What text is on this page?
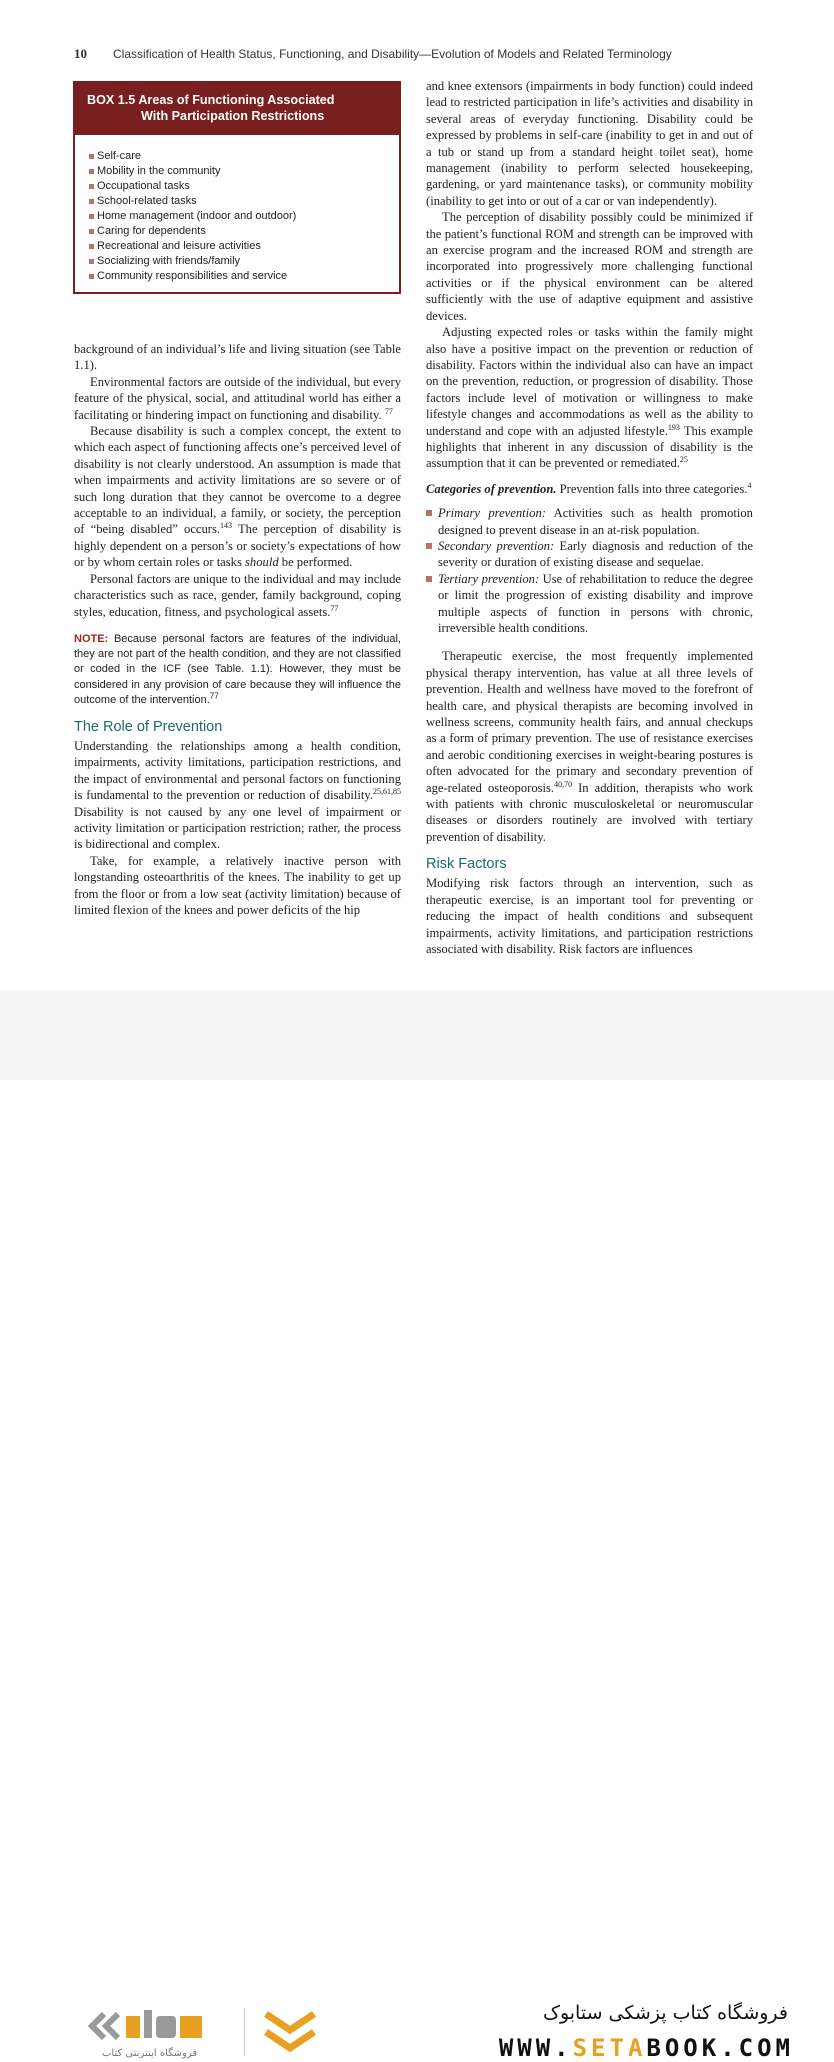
10 Classification of Health Status, Functioning, and Disability—Evolution of Models and Related Terminology
BOX 1.5 Areas of Functioning Associated
With Participation Restrictions
Self-care
Mobility in the community
Occupational tasks
School-related tasks
Home management (indoor and outdoor)
Caring for dependents
Recreational and leisure activities
Socializing with friends/family
Community responsibilities and service

background of an individual’s life and living situation (see Table 1.1).

Environmental factors are outside of the individual, but every feature of the physical, social, and attitudinal world has either a facilitating or hindering impact on functioning and disability. $^{77}$

Because disability is such a complex concept, the extent to which each aspect of functioning affects one’s perceived level of disability is not clearly understood. An assumption is made that when impairments and activity limitations are so severe or of such long duration that they cannot be overcome to a degree acceptable to an individual, a family, or society, the perception of “being disabled” occurs.$^{143}$ The perception of disability is highly dependent on a person’s or society’s expectations of how or by whom certain roles or tasks should be performed.

Personal factors are unique to the individual and may include characteristics such as race, gender, family background, coping styles, education, fitness, and psychological assets.$^{77}$

NOTE: Because personal factors are features of the individual, they are not part of the health condition, and they are not classified or coded in the ICF (see Table. 1.1). However, they must be considered in any provision of care because they will influence the outcome of the intervention.$^{77}$

The Role of Prevention

Understanding the relationships among a health condition, impairments, activity limitations, participation restrictions, and the impact of environmental and personal factors on functioning is fundamental to the prevention or reduction of disability.$^{25,61,85}$ Disability is not caused by any one level of impairment or activity limitation or participation restriction; rather, the process is bidirectional and complex.

Take, for example, a relatively inactive person with longstanding osteoarthritis of the knees. The inability to get up from the floor or from a low seat (activity limitation) because of limited flexion of the knees and power deficits of the hip

and knee extensors (impairments in body function) could indeed lead to restricted participation in life’s activities and disability in several areas of everyday functioning. Disability could be expressed by problems in self-care (inability to get in and out of a tub or stand up from a standard height toilet seat), home management (inability to perform selected housekeeping, gardening, or yard maintenance tasks), or community mobility (inability to get into or out of a car or van independently).

The perception of disability possibly could be minimized if the patient’s functional ROM and strength can be improved with an exercise program and the increased ROM and strength are incorporated into progressively more challenging functional activities or if the physical environment can be altered sufficiently with the use of adaptive equipment and assistive devices.

Adjusting expected roles or tasks within the family might also have a positive impact on the prevention or reduction of disability. Factors within the individual also can have an impact on the prevention, reduction, or progression of disability. Those factors include level of motivation or willingness to make lifestyle changes and accommodations as well as the ability to understand and cope with an adjusted lifestyle.$^{193}$ This example highlights that inherent in any discussion of disability is the assumption that it can be prevented or remediated.$^{25}$

Categories of prevention. Prevention falls into three categories.$^4$

Primary prevention: Activities such as health promotion designed to prevent disease in an at-risk population.
Secondary prevention: Early diagnosis and reduction of the severity or duration of existing disease and sequelae.
Tertiary prevention: Use of rehabilitation to reduce the degree or limit the progression of existing disability and improve multiple aspects of function in persons with chronic, irreversible health conditions.

Therapeutic exercise, the most frequently implemented physical therapy intervention, has value at all three levels of prevention. Health and wellness have moved to the forefront of health care, and physical therapists are becoming involved in wellness screens, community health fairs, and annual checkups as a form of primary prevention. The use of resistance exercises and aerobic conditioning exercises in weight-bearing postures is often advocated for the primary and secondary prevention of age-related osteoporosis.$^{40,70}$ In addition, therapists who work with patients with chronic musculoskeletal or neuromuscular diseases or disorders routinely are involved with tertiary prevention of disability.

Risk Factors

Modifying risk factors through an intervention, such as therapeutic exercise, is an important tool for preventing or reducing the impact of health conditions and subsequent impairments, activity limitations, and participation restrictions associated with disability. Risk factors are influences

فروشگاه اینترنتی کتاب
فروشگاه کتاب پزشکی ستابوک
WWW.SETABOOK.COM
